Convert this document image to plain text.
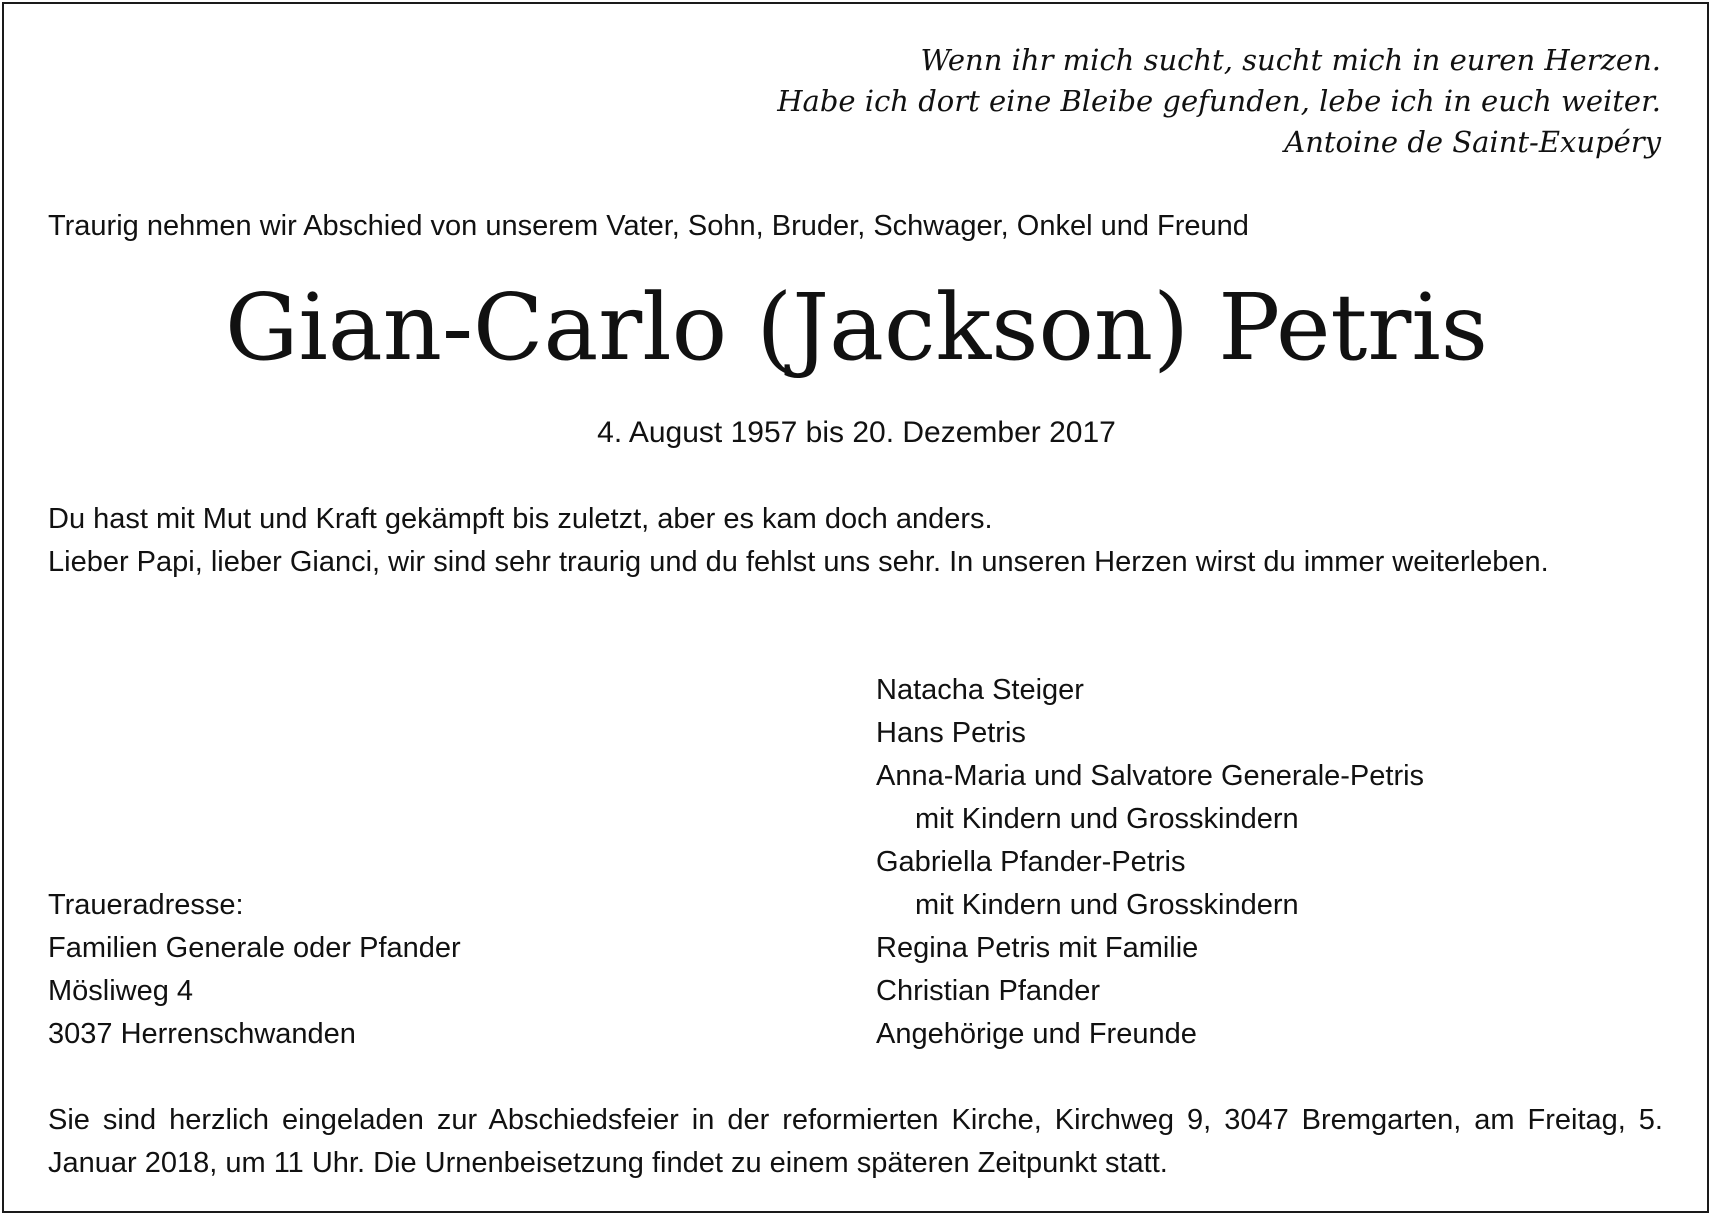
Wenn ihr mich sucht, sucht mich in euren Herzen.
Habe ich dort eine Bleibe gefunden, lebe ich in euch weiter.
Antoine de Saint-Exupéry
Traurig nehmen wir Abschied von unserem Vater, Sohn, Bruder, Schwager, Onkel und Freund
Gian-Carlo (Jackson) Petris
4. August 1957 bis 20. Dezember 2017
Du hast mit Mut und Kraft gekämpft bis zuletzt, aber es kam doch anders.
Lieber Papi, lieber Gianci, wir sind sehr traurig und du fehlst uns sehr. In unseren Herzen wirst du immer weiterleben.
Natacha Steiger
Hans Petris
Anna-Maria und Salvatore Generale-Petris
mit Kindern und Grosskindern
Gabriella Pfander-Petris
mit Kindern und Grosskindern
Regina Petris mit Familie
Christian Pfander
Angehörige und Freunde
Traueradresse:
Familien Generale oder Pfander
Mösliweg 4
3037 Herrenschwanden
Sie sind herzlich eingeladen zur Abschiedsfeier in der reformierten Kirche, Kirchweg 9, 3047 Bremgarten, am Freitag, 5. Januar 2018, um 11 Uhr. Die Urnenbeisetzung findet zu einem späteren Zeitpunkt statt.
